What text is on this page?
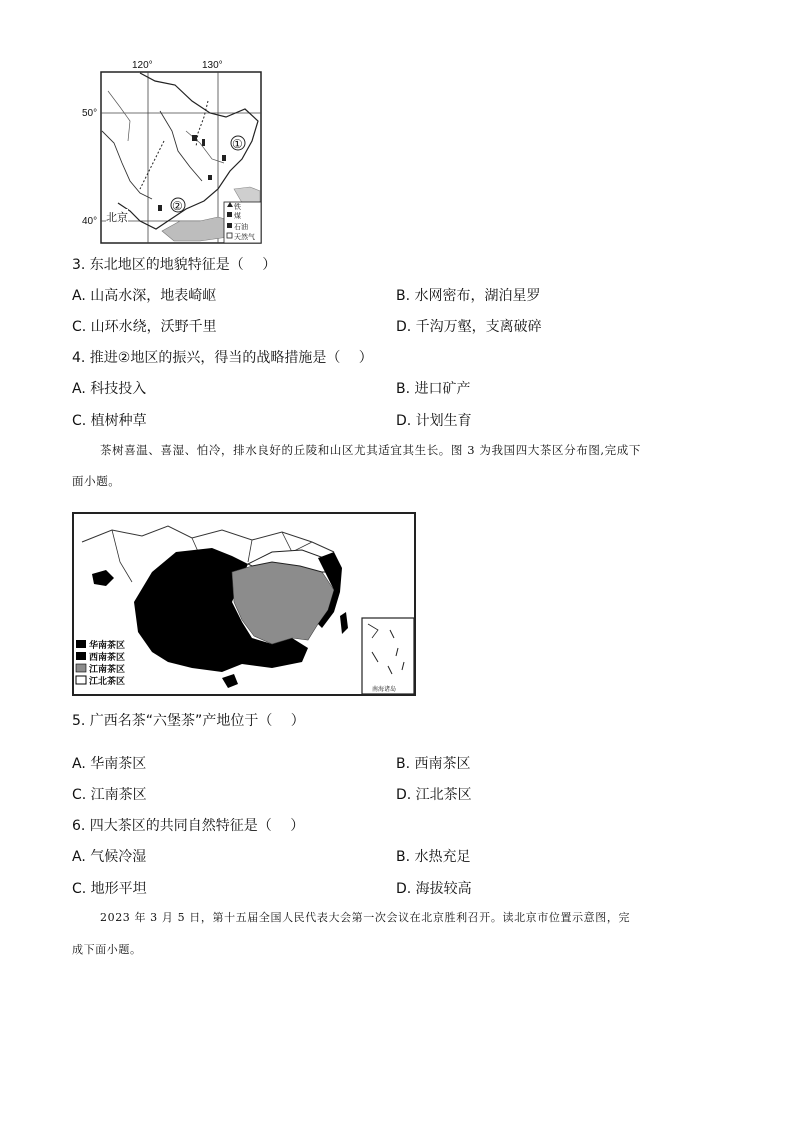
120°	130°
50°
40°
①
②
北京
铁
煤
石油
天然气
3. 东北地区的地貌特征是（　 ）
A. 山高水深，地表崎岖	B. 水网密布，湖泊星罗
C. 山环水绕，沃野千里	D. 千沟万壑，支离破碎
4. 推进②地区的振兴，得当的战略措施是（　 ）
A. 科技投入	B. 进口矿产
C. 植树种草	D. 计划生育
茶树喜温、喜湿、怕冷，排水良好的丘陵和山区尤其适宜其生长。图 3 为我国四大茶区分布图,完成下
面小题。
华南茶区
西南茶区
江南茶区
江北茶区
南海诸岛
5. 广西名茶“六堡茶”产地位于（　 ）
A. 华南茶区	B. 西南茶区
C. 江南茶区	D. 江北茶区
6. 四大茶区的共同自然特征是（　 ）
A. 气候冷湿	B. 水热充足
C. 地形平坦	D. 海拔较高
2023 年 3 月 5 日，第十五届全国人民代表大会第一次会议在北京胜利召开。读北京市位置示意图，完
成下面小题。
